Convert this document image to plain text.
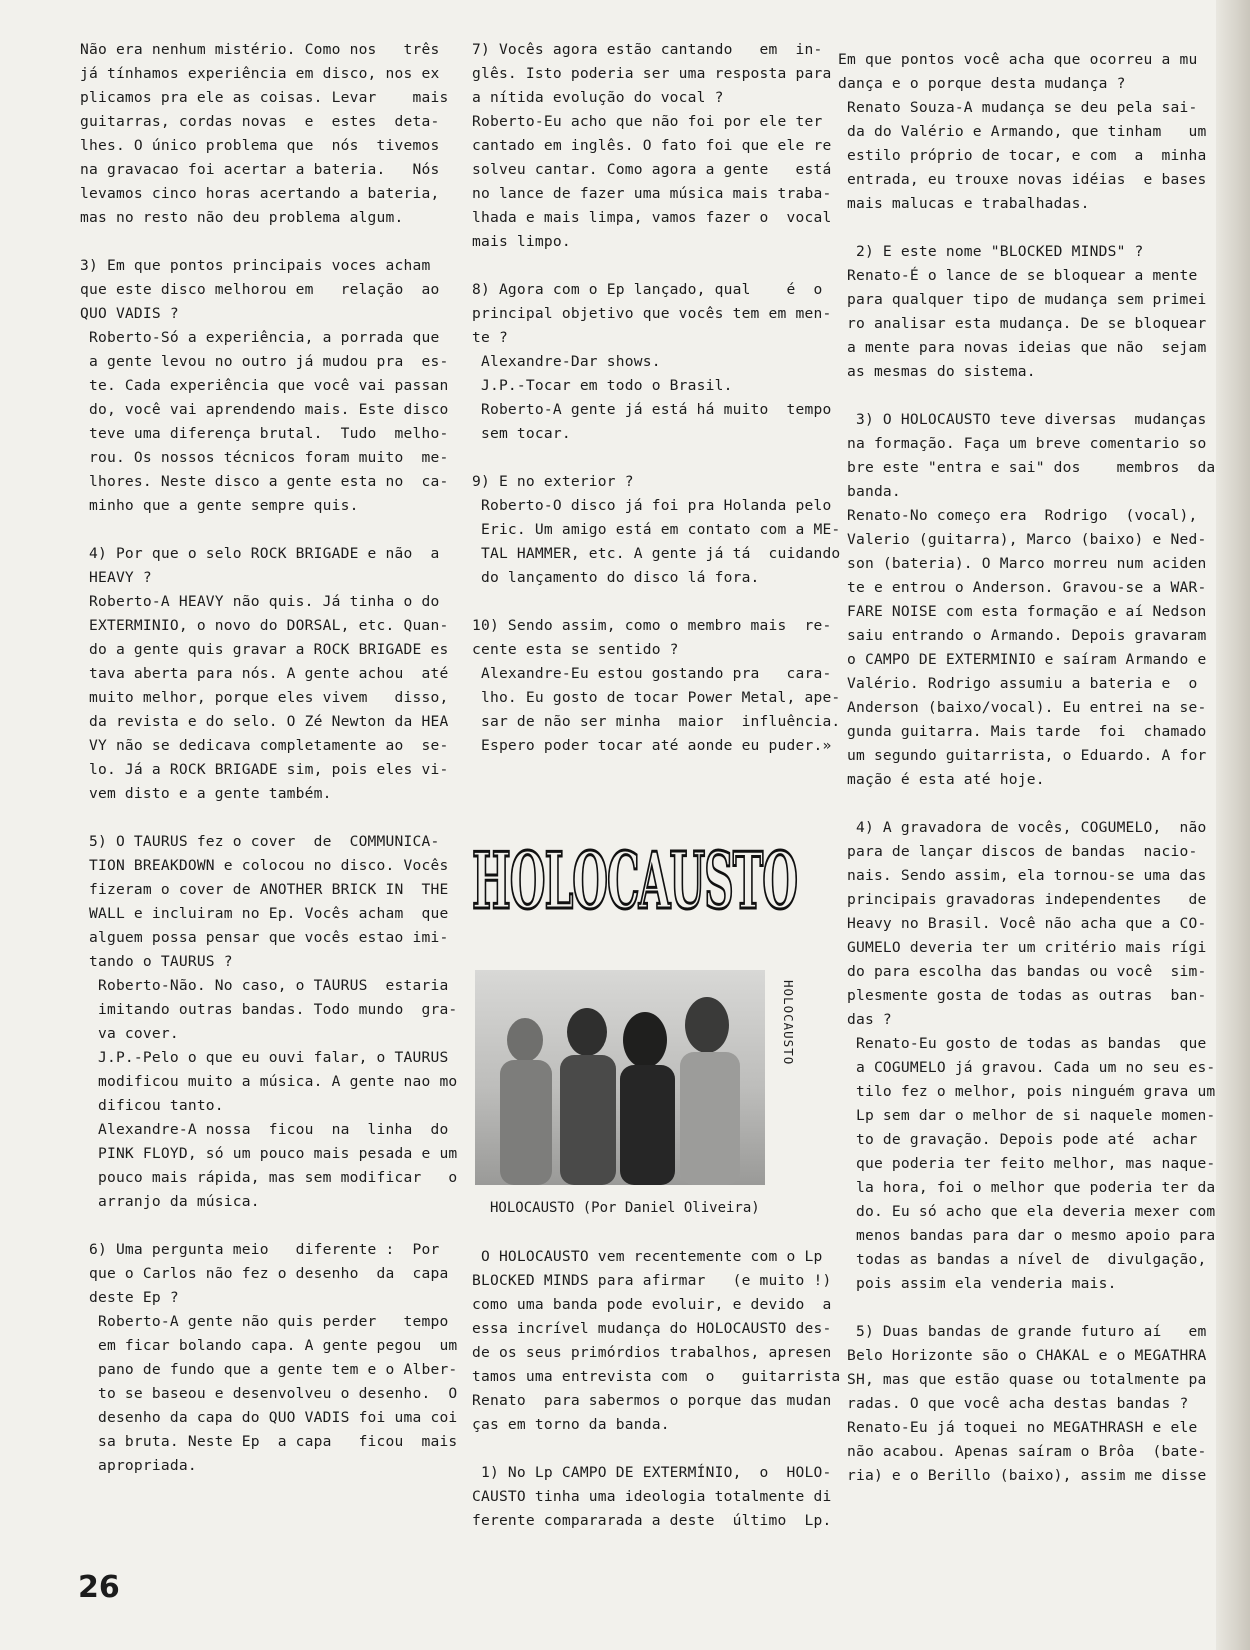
Não era nenhum mistério. Como nos   três
já tínhamos experiência em disco, nos ex
plicamos pra ele as coisas. Levar    mais
guitarras, cordas novas  e  estes  deta-
lhes. O único problema que  nós  tivemos
na gravacao foi acertar a bateria.   Nós
levamos cinco horas acertando a bateria,
mas no resto não deu problema algum.
3) Em que pontos principais voces acham
que este disco melhorou em   relação  ao
QUO VADIS ?
Roberto-Só a experiência, a porrada que
a gente levou no outro já mudou pra  es-
te. Cada experiência que você vai passan
do, você vai aprendendo mais. Este disco
teve uma diferença brutal.  Tudo  melho-
rou. Os nossos técnicos foram muito  me-
lhores. Neste disco a gente esta no  ca-
minho que a gente sempre quis.
4) Por que o selo ROCK BRIGADE e não  a
HEAVY ?
Roberto-A HEAVY não quis. Já tinha o do
EXTERMINIO, o novo do DORSAL, etc. Quan-
do a gente quis gravar a ROCK BRIGADE es
tava aberta para nós. A gente achou  até
muito melhor, porque eles vivem   disso,
da revista e do selo. O Zé Newton da HEA
VY não se dedicava completamente ao  se-
lo. Já a ROCK BRIGADE sim, pois eles vi-
vem disto e a gente também.
5) O TAURUS fez o cover  de  COMMUNICA-
TION BREAKDOWN e colocou no disco. Vocês
fizeram o cover de ANOTHER BRICK IN  THE
WALL e incluiram no Ep. Vocês acham  que
alguem possa pensar que vocês estao imi-
tando o TAURUS ?
Roberto-Não. No caso, o TAURUS  estaria
imitando outras bandas. Todo mundo  gra-
va cover.
J.P.-Pelo o que eu ouvi falar, o TAURUS
modificou muito a música. A gente nao mo
dificou tanto.
Alexandre-A nossa  ficou  na  linha  do
PINK FLOYD, só um pouco mais pesada e um
pouco mais rápida, mas sem modificar   o
arranjo da música.
6) Uma pergunta meio   diferente :  Por
que o Carlos não fez o desenho  da  capa
deste Ep ?
Roberto-A gente não quis perder   tempo
em ficar bolando capa. A gente pegou  um
pano de fundo que a gente tem e o Alber-
to se baseou e desenvolveu o desenho.  O
desenho da capa do QUO VADIS foi uma coi
sa bruta. Neste Ep  a capa   ficou  mais
apropriada.
7) Vocês agora estão cantando   em  in-
glês. Isto poderia ser uma resposta para
a nítida evolução do vocal ?
Roberto-Eu acho que não foi por ele ter
cantado em inglês. O fato foi que ele re
solveu cantar. Como agora a gente   está
no lance de fazer uma música mais traba-
lhada e mais limpa, vamos fazer o  vocal
mais limpo.
8) Agora com o Ep lançado, qual    é  o
principal objetivo que vocês tem em men-
te ?
Alexandre-Dar shows.
J.P.-Tocar em todo o Brasil.
Roberto-A gente já está há muito  tempo
sem tocar.
9) E no exterior ?
Roberto-O disco já foi pra Holanda pelo
Eric. Um amigo está em contato com a ME-
TAL HAMMER, etc. A gente já tá  cuidando
do lançamento do disco lá fora.
10) Sendo assim, como o membro mais  re-
cente esta se sentido ?
Alexandre-Eu estou gostando pra   cara-
lho. Eu gosto de tocar Power Metal, ape-
sar de não ser minha  maior  influência.
Espero poder tocar até aonde eu puder.»
HOLOCAUSTO
HOLOCAUSTO
HOLOCAUSTO (Por Daniel Oliveira)
O HOLOCAUSTO vem recentemente com o Lp
BLOCKED MINDS para afirmar   (e muito !)
como uma banda pode evoluir, e devido  a
essa incrível mudança do HOLOCAUSTO des-
de os seus primórdios trabalhos, apresen
tamos uma entrevista com  o   guitarrista
Renato  para sabermos o porque das mudan
ças em torno da banda.
1) No Lp CAMPO DE EXTERMÍNIO,  o  HOLO-
CAUSTO tinha uma ideologia totalmente di
ferente compararada a deste  último  Lp.
Em que pontos você acha que ocorreu a mu
dança e o porque desta mudança ?
Renato Souza-A mudança se deu pela sai-
da do Valério e Armando, que tinham   um
estilo próprio de tocar, e com  a  minha
entrada, eu trouxe novas idéias  e bases
mais malucas e trabalhadas.
2) E este nome "BLOCKED MINDS" ?
Renato-É o lance de se bloquear a mente
para qualquer tipo de mudança sem primei
ro analisar esta mudança. De se bloquear
a mente para novas ideias que não  sejam
as mesmas do sistema.
3) O HOLOCAUSTO teve diversas  mudanças
na formação. Faça um breve comentario so
bre este "entra e sai" dos    membros  da
banda.
Renato-No começo era  Rodrigo  (vocal),
Valerio (guitarra), Marco (baixo) e Ned-
son (bateria). O Marco morreu num aciden
te e entrou o Anderson. Gravou-se a WAR-
FARE NOISE com esta formação e aí Nedson
saiu entrando o Armando. Depois gravaram
o CAMPO DE EXTERMINIO e saíram Armando e
Valério. Rodrigo assumiu a bateria e  o
Anderson (baixo/vocal). Eu entrei na se-
gunda guitarra. Mais tarde  foi  chamado
um segundo guitarrista, o Eduardo. A for
mação é esta até hoje.
4) A gravadora de vocês, COGUMELO,  não
para de lançar discos de bandas  nacio-
nais. Sendo assim, ela tornou-se uma das
principais gravadoras independentes   de
Heavy no Brasil. Você não acha que a CO-
GUMELO deveria ter um critério mais rígi
do para escolha das bandas ou você  sim-
plesmente gosta de todas as outras  ban-
das ?
Renato-Eu gosto de todas as bandas  que
a COGUMELO já gravou. Cada um no seu es-
tilo fez o melhor, pois ninguém grava um
Lp sem dar o melhor de si naquele momen-
to de gravação. Depois pode até  achar
que poderia ter feito melhor, mas naque-
la hora, foi o melhor que poderia ter da
do. Eu só acho que ela deveria mexer com
menos bandas para dar o mesmo apoio para
todas as bandas a nível de  divulgação,
pois assim ela venderia mais.
5) Duas bandas de grande futuro aí   em
Belo Horizonte são o CHAKAL e o MEGATHRA
SH, mas que estão quase ou totalmente pa
radas. O que você acha destas bandas ?
Renato-Eu já toquei no MEGATHRASH e ele
não acabou. Apenas saíram o Brôa  (bate-
ria) e o Berillo (baixo), assim me disse
26
